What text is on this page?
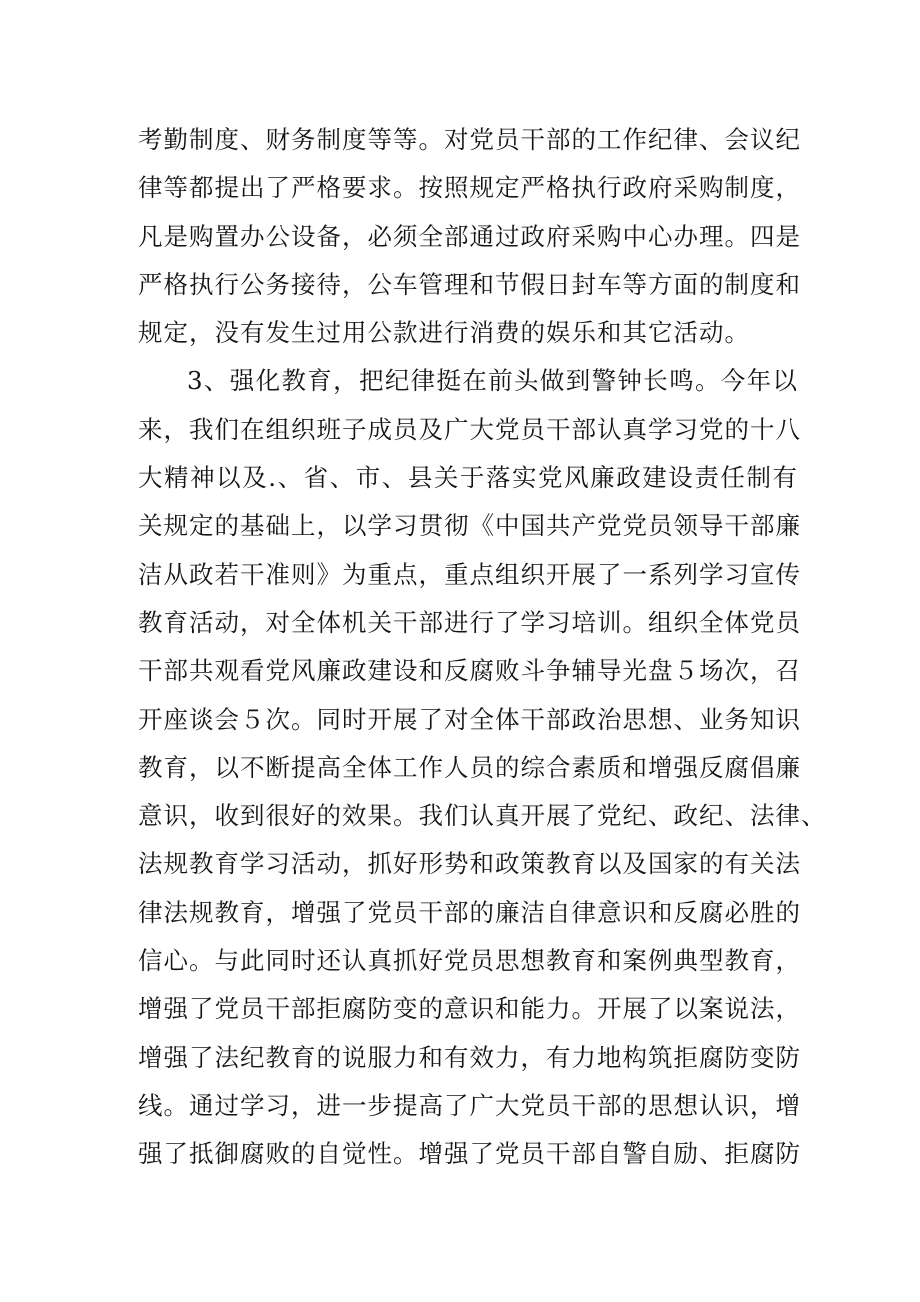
考勤制度、财务制度等等。对党员干部的工作纪律、会议纪
律等都提出了严格要求。按照规定严格执行政府采购制度，
凡是购置办公设备，必须全部通过政府采购中心办理。四是
严格执行公务接待，公车管理和节假日封车等方面的制度和
规定，没有发生过用公款进行消费的娱乐和其它活动。
3、强化教育，把纪律挺在前头做到警钟长鸣。今年以
来，我们在组织班子成员及广大党员干部认真学习党的十八
大精神以及.、省、市、县关于落实党风廉政建设责任制有
关规定的基础上，以学习贯彻《中国共产党党员领导干部廉
洁从政若干准则》为重点，重点组织开展了一系列学习宣传
教育活动，对全体机关干部进行了学习培训。组织全体党员
干部共观看党风廉政建设和反腐败斗争辅导光盘５场次，召
开座谈会５次。同时开展了对全体干部政治思想、业务知识
教育，以不断提高全体工作人员的综合素质和增强反腐倡廉
意识，收到很好的效果。我们认真开展了党纪、政纪、法律、
法规教育学习活动，抓好形势和政策教育以及国家的有关法
律法规教育，增强了党员干部的廉洁自律意识和反腐必胜的
信心。与此同时还认真抓好党员思想教育和案例典型教育，
增强了党员干部拒腐防变的意识和能力。开展了以案说法，
增强了法纪教育的说服力和有效力，有力地构筑拒腐防变防
线。通过学习，进一步提高了广大党员干部的思想认识，增
强了抵御腐败的自觉性。增强了党员干部自警自励、拒腐防
